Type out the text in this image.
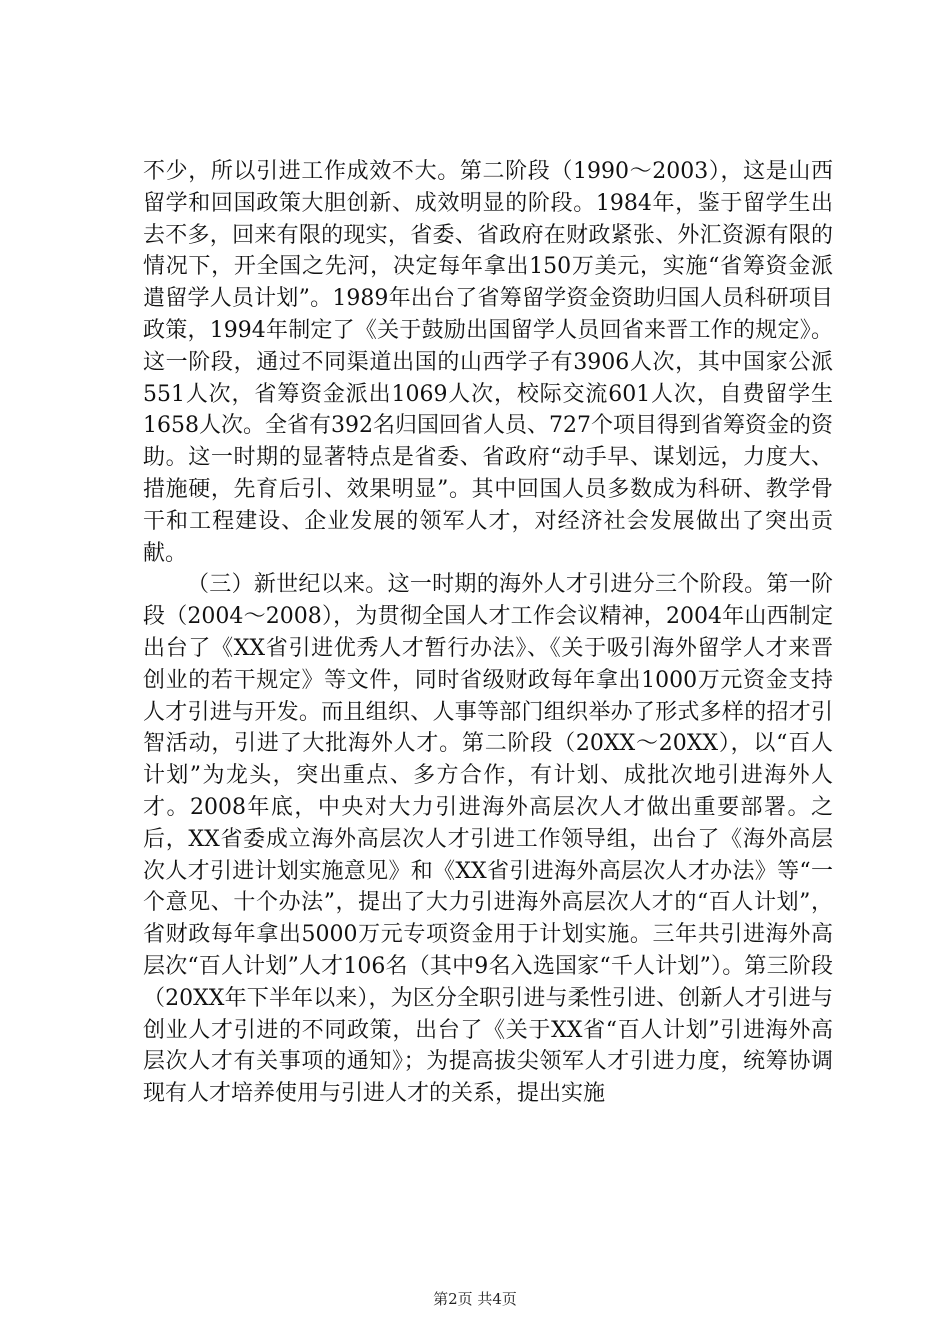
不少，所以引进工作成效不大。第二阶段（1990～2003），这是山西留学和回国政策大胆创新、成效明显的阶段。1984年，鉴于留学生出去不多，回来有限的现实，省委、省政府在财政紧张、外汇资源有限的情况下，开全国之先河，决定每年拿出150万美元，实施“省筹资金派遣留学人员计划”。1989年出台了省筹留学资金资助归国人员科研项目政策，1994年制定了《关于鼓励出国留学人员回省来晋工作的规定》。这一阶段，通过不同渠道出国的山西学子有3906人次，其中国家公派551人次，省筹资金派出1069人次，校际交流601人次，自费留学生1658人次。全省有392名归国回省人员、727个项目得到省筹资金的资助。这一时期的显著特点是省委、省政府“动手早、谋划远，力度大、措施硬，先育后引、效果明显”。其中回国人员多数成为科研、教学骨干和工程建设、企业发展的领军人才，对经济社会发展做出了突出贡献。

（三）新世纪以来。这一时期的海外人才引进分三个阶段。第一阶段（2004～2008），为贯彻全国人才工作会议精神，2004年山西制定出台了《XX省引进优秀人才暂行办法》、《关于吸引海外留学人才来晋创业的若干规定》等文件，同时省级财政每年拿出1000万元资金支持人才引进与开发。而且组织、人事等部门组织举办了形式多样的招才引智活动，引进了大批海外人才。第二阶段（20XX～20XX），以“百人计划”为龙头，突出重点、多方合作，有计划、成批次地引进海外人才。2008年底，中央对大力引进海外高层次人才做出重要部署。之后，XX省委成立海外高层次人才引进工作领导组，出台了《海外高层次人才引进计划实施意见》和《XX省引进海外高层次人才办法》等“一个意见、十个办法”，提出了大力引进海外高层次人才的“百人计划”，省财政每年拿出5000万元专项资金用于计划实施。三年共引进海外高层次“百人计划”人才106名（其中9名入选国家“千人计划”）。第三阶段（20XX年下半年以来），为区分全职引进与柔性引进、创新人才引进与创业人才引进的不同政策，出台了《关于XX省“百人计划”引进海外高层次人才有关事项的通知》；为提高拔尖领军人才引进力度，统筹协调现有人才培养使用与引进人才的关系，提出实施

第2页 共4页
